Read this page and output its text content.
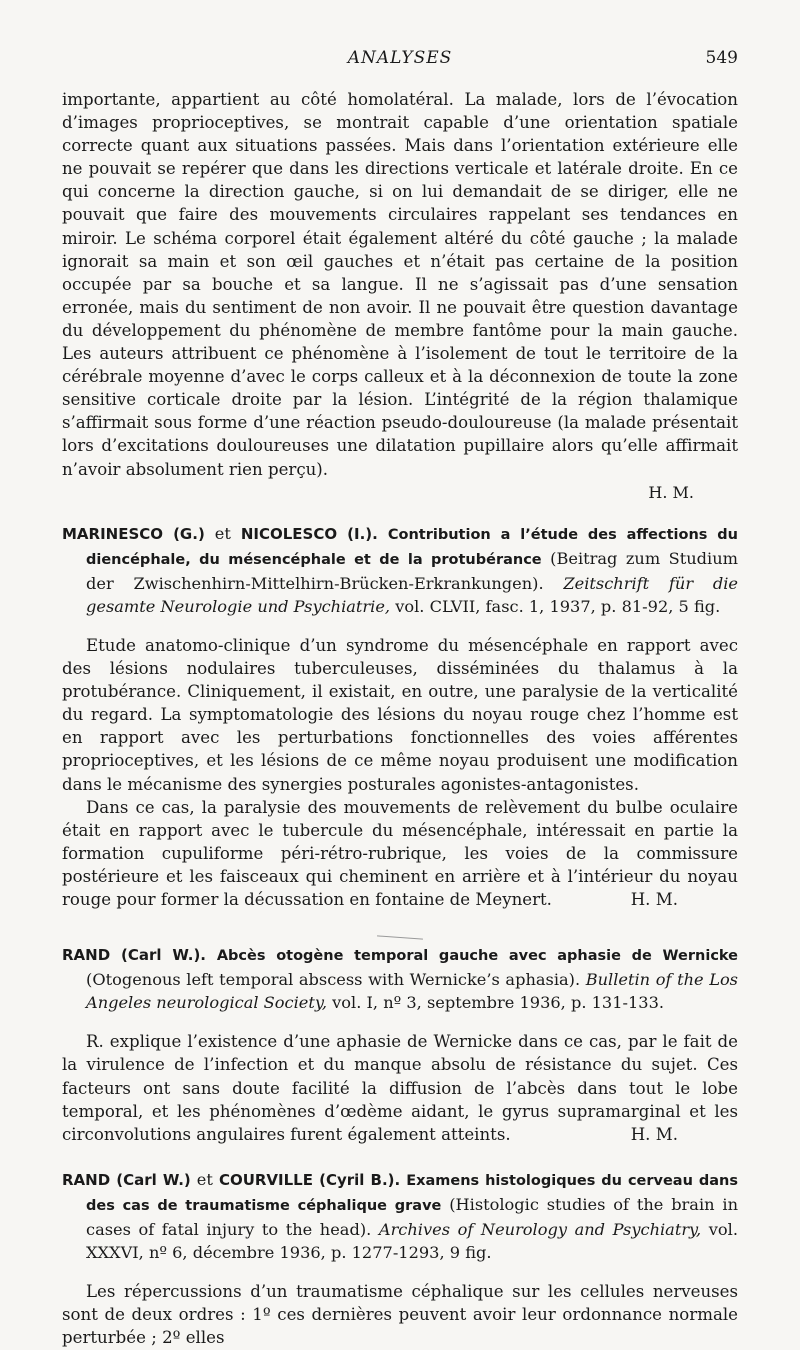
ANALYSES	549

importante, appartient au côté homolatéral. La malade, lors de l’évocation d’images proprioceptives, se montrait capable d’une orientation spatiale correcte quant aux situations passées. Mais dans l’orientation extérieure elle ne pouvait se repérer que dans les directions verticale et latérale droite. En ce qui concerne la direction gauche, si on lui demandait de se diriger, elle ne pouvait que faire des mouvements circulaires rappelant ses tendances en miroir. Le schéma corporel était également altéré du côté gauche ; la malade ignorait sa main et son œil gauches et n’était pas certaine de la position occupée par sa bouche et sa langue. Il ne s’agissait pas d’une sensation erronée, mais du sentiment de non avoir. Il ne pouvait être question davantage du développement du phénomène de membre fantôme pour la main gauche. Les auteurs attribuent ce phénomène à l’isolement de tout le territoire de la cérébrale moyenne d’avec le corps calleux et à la déconnexion de toute la zone sensitive corticale droite par la lésion. L’intégrité de la région thalamique s’affirmait sous forme d’une réaction pseudo-douloureuse (la malade présentait lors d’excitations douloureuses une dilatation pupillaire alors qu’elle affirmait n’avoir absolument rien perçu).

H. M.

MARINESCO (G.) et NICOLESCO (I.). Contribution a l’étude des affections du diencéphale, du mésencéphale et de la protubérance (Beitrag zum Studium der Zwischenhirn-Mittelhirn-Brücken-Erkrankungen). Zeitschrift für die gesamte Neurologie und Psychiatrie, vol. CLVII, fasc. 1, 1937, p. 81-92, 5 fig.

Etude anatomo-clinique d’un syndrome du mésencéphale en rapport avec des lésions nodulaires tuberculeuses, disséminées du thalamus à la protubérance. Cliniquement, il existait, en outre, une paralysie de la verticalité du regard. La symptomatologie des lésions du noyau rouge chez l’homme est en rapport avec les perturbations fonctionnelles des voies afférentes proprioceptives, et les lésions de ce même noyau produisent une modification dans le mécanisme des synergies posturales agonistes-antagonistes.

Dans ce cas, la paralysie des mouvements de relèvement du bulbe oculaire était en rapport avec le tubercule du mésencéphale, intéressait en partie la formation cupuliforme péri-rétro-rubrique, les voies de la commissure postérieure et les faisceaux qui cheminent en arrière et à l’intérieur du noyau rouge pour former la décussation en fontaine de Meynert.	H. M.

RAND (Carl W.). Abcès otogène temporal gauche avec aphasie de Wernicke (Otogenous left temporal abscess with Wernicke’s aphasia). Bulletin of the Los Angeles neurological Society, vol. I, nº 3, septembre 1936, p. 131-133.

R. explique l’existence d’une aphasie de Wernicke dans ce cas, par le fait de la virulence de l’infection et du manque absolu de résistance du sujet. Ces facteurs ont sans doute facilité la diffusion de l’abcès dans tout le lobe temporal, et les phénomènes d’œdème aidant, le gyrus supramarginal et les circonvolutions angulaires furent également atteints.	H. M.

RAND (Carl W.) et COURVILLE (Cyril B.). Examens histologiques du cerveau dans des cas de traumatisme céphalique grave (Histologic studies of the brain in cases of fatal injury to the head). Archives of Neurology and Psychiatry, vol. XXXVI, nº 6, décembre 1936, p. 1277-1293, 9 fig.

Les répercussions d’un traumatisme céphalique sur les cellules nerveuses sont de deux ordres : 1º ces dernières peuvent avoir leur ordonnance normale perturbée ; 2º elles
